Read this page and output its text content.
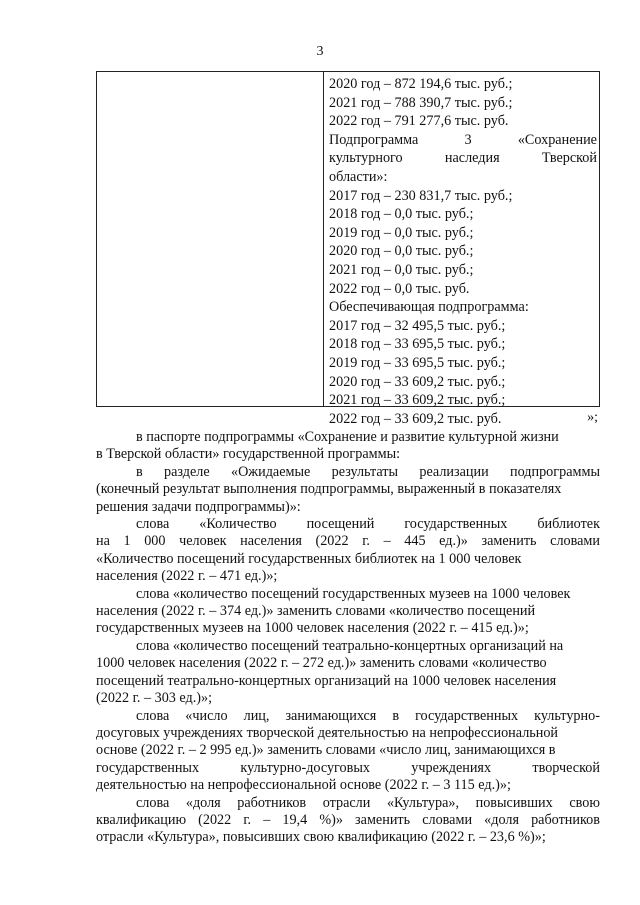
3
2020 год – 872 194,6 тыс. руб.;
2021 год – 788 390,7 тыс. руб.;
2022 год – 791 277,6 тыс. руб.
Подпрограмма	3	«Сохранение
культурного	наследия	Тверской
области»:
2017 год – 230 831,7 тыс. руб.;
2018 год – 0,0 тыс. руб.;
2019 год – 0,0 тыс. руб.;
2020 год – 0,0 тыс. руб.;
2021 год – 0,0 тыс. руб.;
2022 год – 0,0 тыс. руб.
Обеспечивающая подпрограмма:
2017 год – 32 495,5 тыс. руб.;
2018 год – 33 695,5 тыс. руб.;
2019 год – 33 695,5 тыс. руб.;
2020 год – 33 609,2 тыс. руб.;
2021 год – 33 609,2 тыс. руб.;
2022 год – 33 609,2 тыс. руб.	»;
в паспорте подпрограммы «Сохранение и развитие культурной жизни
в Тверской области» государственной программы:
в разделе «Ожидаемые результаты реализации подпрограммы
(конечный результат выполнения подпрограммы, выраженный в показателях
решения задачи подпрограммы)»:
слова «Количество посещений государственных библиотек
на 1 000 человек населения (2022 г. – 445 ед.)» заменить словами
«Количество посещений государственных библиотек на 1 000 человек
населения (2022 г. – 471 ед.)»;
слова «количество посещений государственных музеев на 1000 человек
населения (2022 г. – 374 ед.)» заменить словами «количество посещений
государственных музеев на 1000 человек населения (2022 г. – 415 ед.)»;
слова «количество посещений театрально-концертных организаций на
1000 человек населения (2022 г. – 272 ед.)» заменить словами «количество
посещений театрально-концертных организаций на 1000 человек населения
(2022 г. – 303 ед.)»;
слова «число лиц, занимающихся в государственных культурно-
досуговых учреждениях творческой деятельностью на непрофессиональной
основе (2022 г. – 2 995 ед.)» заменить словами «число лиц, занимающихся в
государственных	культурно-досуговых	учреждениях	творческой
деятельностью на непрофессиональной основе (2022 г. – 3 115 ед.)»;
слова «доля работников отрасли «Культура», повысивших свою
квалификацию (2022 г. – 19,4 %)» заменить словами «доля работников
отрасли «Культура», повысивших свою квалификацию (2022 г. – 23,6 %)»;
